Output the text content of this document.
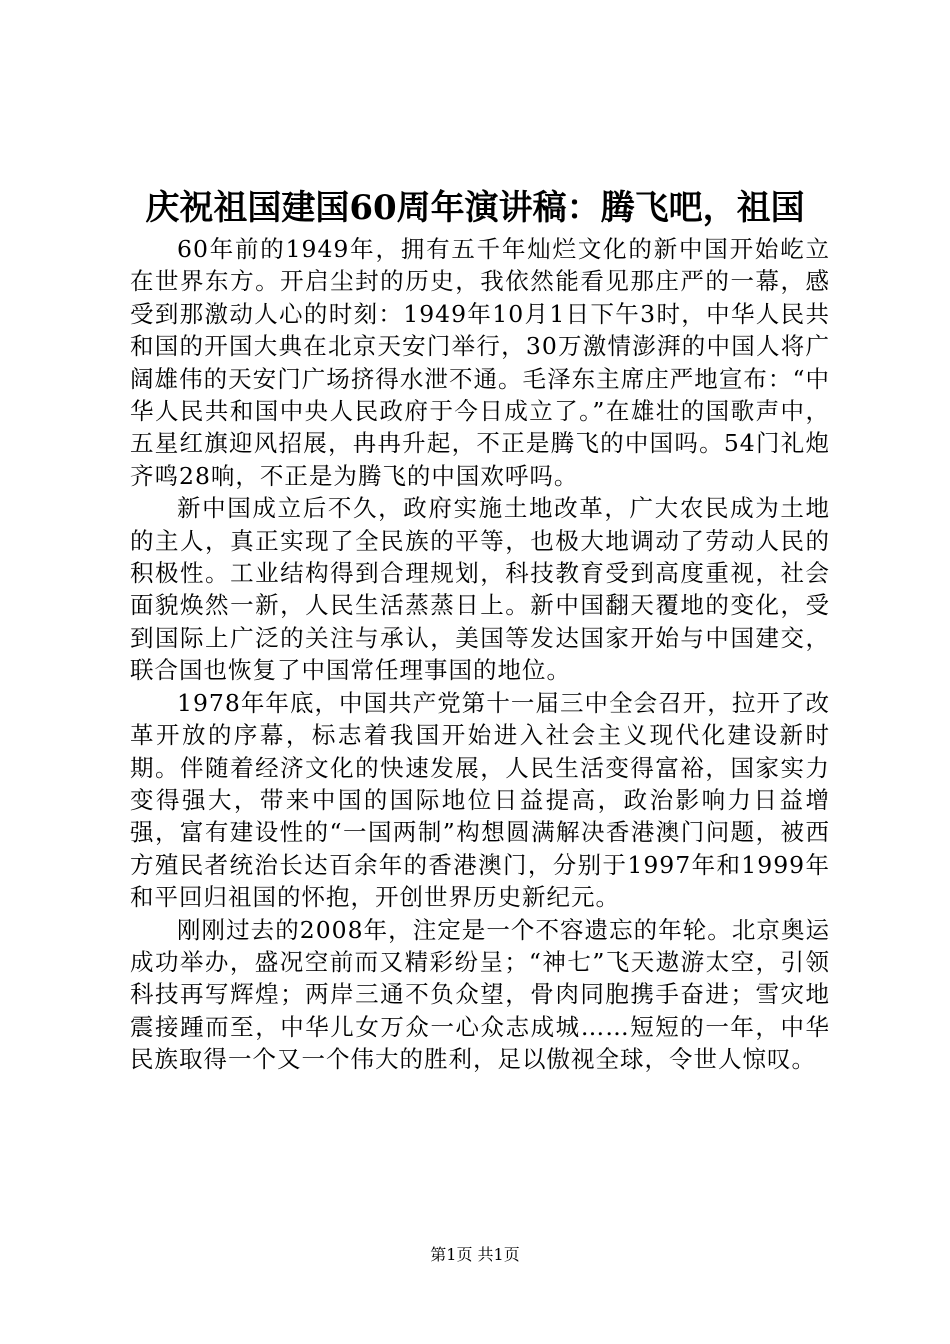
庆祝祖国建国60周年演讲稿：腾飞吧，祖国

60年前的1949年，拥有五千年灿烂文化的新中国开始屹立在世界东方。开启尘封的历史，我依然能看见那庄严的一幕，感受到那激动人心的时刻：1949年10月1日下午3时，中华人民共和国的开国大典在北京天安门举行，30万激情澎湃的中国人将广阔雄伟的天安门广场挤得水泄不通。毛泽东主席庄严地宣布：“中华人民共和国中央人民政府于今日成立了。”在雄壮的国歌声中，五星红旗迎风招展，冉冉升起，不正是腾飞的中国吗。54门礼炮齐鸣28响，不正是为腾飞的中国欢呼吗。

新中国成立后不久，政府实施土地改革，广大农民成为土地的主人，真正实现了全民族的平等，也极大地调动了劳动人民的积极性。工业结构得到合理规划，科技教育受到高度重视，社会面貌焕然一新，人民生活蒸蒸日上。新中国翻天覆地的变化，受到国际上广泛的关注与承认，美国等发达国家开始与中国建交，联合国也恢复了中国常任理事国的地位。

1978年年底，中国共产党第十一届三中全会召开，拉开了改革开放的序幕，标志着我国开始进入社会主义现代化建设新时期。伴随着经济文化的快速发展，人民生活变得富裕，国家实力变得强大，带来中国的国际地位日益提高，政治影响力日益增强，富有建设性的“一国两制”构想圆满解决香港澳门问题，被西方殖民者统治长达百余年的香港澳门，分别于1997年和1999年和平回归祖国的怀抱，开创世界历史新纪元。

刚刚过去的2008年，注定是一个不容遗忘的年轮。北京奥运成功举办，盛况空前而又精彩纷呈；“神七”飞天遨游太空，引领科技再写辉煌；两岸三通不负众望，骨肉同胞携手奋进；雪灾地震接踵而至，中华儿女万众一心众志成城……短短的一年，中华民族取得一个又一个伟大的胜利，足以傲视全球，令世人惊叹。

第1页 共1页
